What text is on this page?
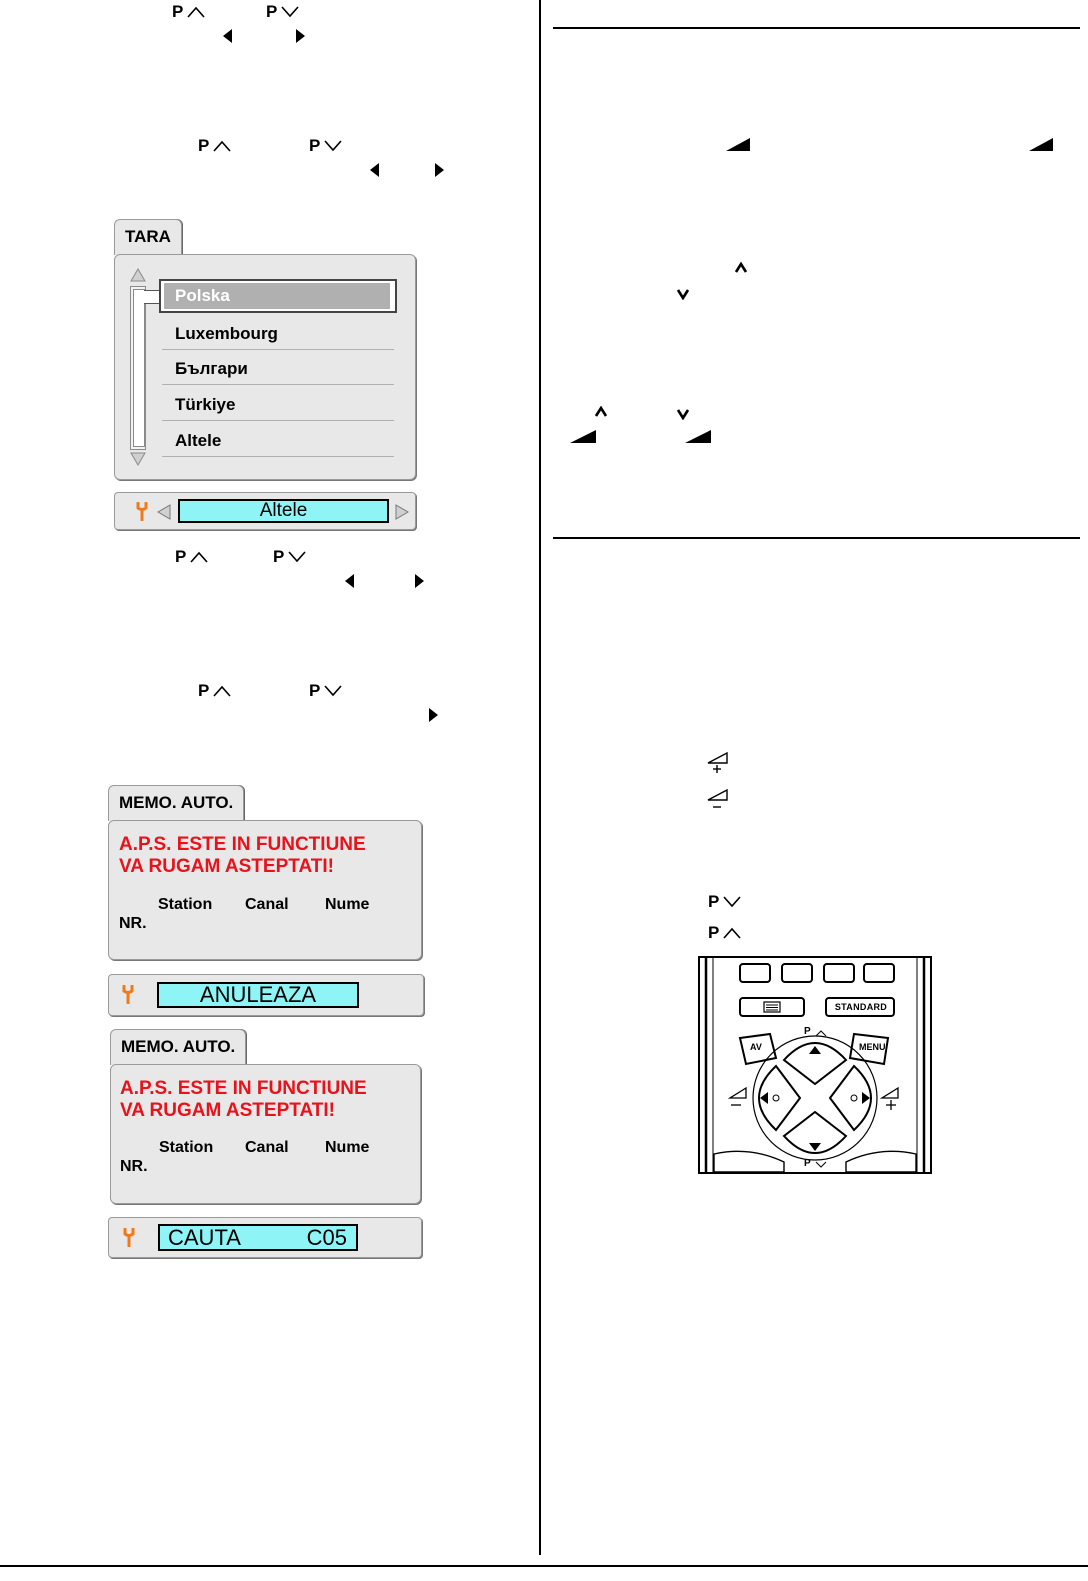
P	P
P	P
TARA
Polska
Luxembourg
Българи
Türkiye
Altele
Altele
P	P
P	P
MEMO. AUTO.
A.P.S. ESTE IN FUNCTIUNE
VA RUGAM ASTEPTATI!
Station Canal Nume
NR.
ANULEAZA
MEMO. AUTO.
A.P.S. ESTE IN FUNCTIUNE
VA RUGAM ASTEPTATI!
Station Canal Nume
NR.
CAUTA	C05
P
P
STANDARD
AV	MENU
P
P
